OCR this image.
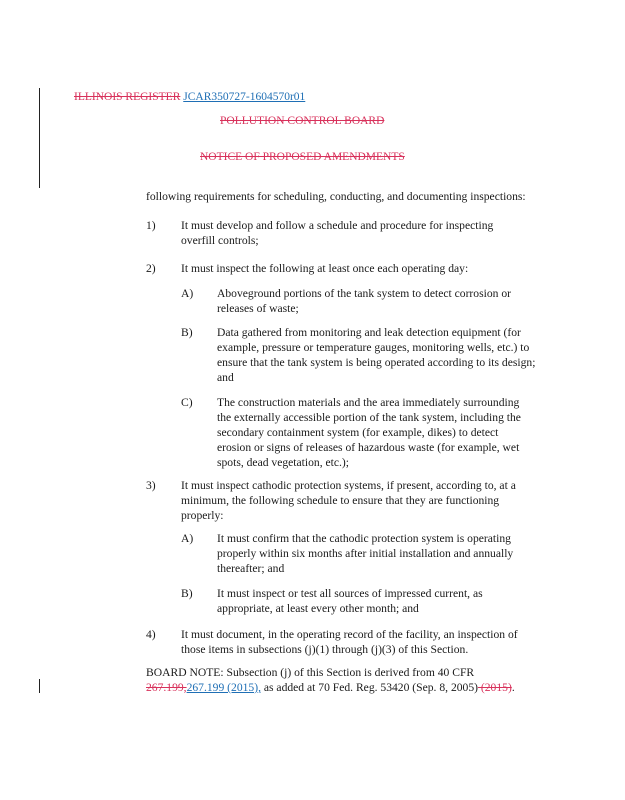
ILLINOIS REGISTER JCAR350727-1604570r01
POLLUTION CONTROL BOARD
NOTICE OF PROPOSED AMENDMENTS
following requirements for scheduling, conducting, and documenting inspections:
1) It must develop and follow a schedule and procedure for inspecting overfill controls;
2) It must inspect the following at least once each operating day:
A) Aboveground portions of the tank system to detect corrosion or releases of waste;
B) Data gathered from monitoring and leak detection equipment (for example, pressure or temperature gauges, monitoring wells, etc.) to ensure that the tank system is being operated according to its design; and
C) The construction materials and the area immediately surrounding the externally accessible portion of the tank system, including the secondary containment system (for example, dikes) to detect erosion or signs of releases of hazardous waste (for example, wet spots, dead vegetation, etc.);
3) It must inspect cathodic protection systems, if present, according to, at a minimum, the following schedule to ensure that they are functioning properly:
A) It must confirm that the cathodic protection system is operating properly within six months after initial installation and annually thereafter; and
B) It must inspect or test all sources of impressed current, as appropriate, at least every other month; and
4) It must document, in the operating record of the facility, an inspection of those items in subsections (j)(1) through (j)(3) of this Section.
BOARD NOTE: Subsection (j) of this Section is derived from 40 CFR
267.199,267.199 (2015), as added at 70 Fed. Reg. 53420 (Sep. 8, 2005) (2015).
